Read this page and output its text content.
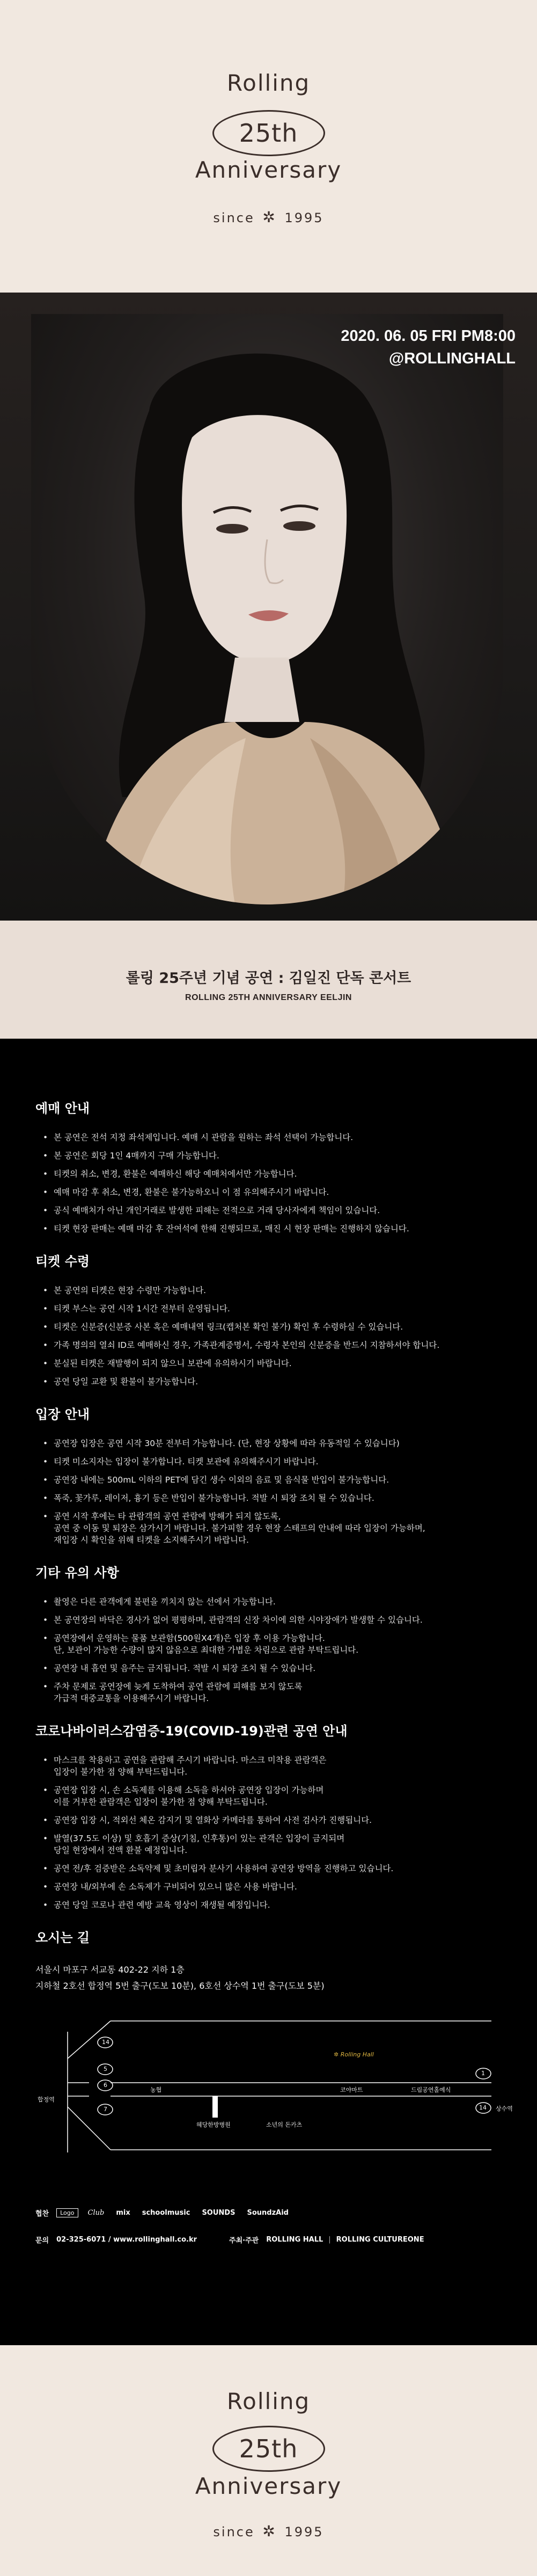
Rolling
25th
Anniversary
since ✲ 1995
2020. 06. 05 FRI PM8:00
@ROLLINGHALL
롤링 25주년 기념 공연 : 김일진 단독 콘서트
ROLLING 25TH ANNIVERSARY EELJIN
예매 안내
• 본 공연은 전석 지정 좌석제입니다. 예매 시 관람을 원하는 좌석 선택이 가능합니다.
• 본 공연은 회당 1인 4매까지 구매 가능합니다.
• 티켓의 취소, 변경, 환불은 예매하신 해당 예매처에서만 가능합니다.
• 예매 마감 후 취소, 변경, 환불은 불가능하오니 이 점 유의해주시기 바랍니다.
• 공식 예매처가 아닌 개인거래로 발생한 피해는 전적으로 거래 당사자에게 책임이 있습니다.
• 티켓 현장 판매는 예매 마감 후 잔여석에 한해 진행되므로, 매진 시 현장 판매는 진행하지 않습니다.
티켓 수령
• 본 공연의 티켓은 현장 수령만 가능합니다.
• 티켓 부스는 공연 시작 1시간 전부터 운영됩니다.
• 티켓은 신분증(신분증 사본 혹은 예매내역 링크(캡처본 확인 불가) 확인 후 수령하실 수 있습니다.
• 가족 명의의 열쇠 ID로 예매하신 경우, 가족관계증명서, 수령자 본인의 신분증을 반드시 지참하셔야 합니다.
• 분실된 티켓은 재발행이 되지 않으니 보관에 유의하시기 바랍니다.
• 공연 당일 교환 및 환불이 불가능합니다.
입장 안내
• 공연장 입장은 공연 시작 30분 전부터 가능합니다. (단, 현장 상황에 따라 유동적일 수 있습니다)
• 티켓 미소지자는 입장이 불가합니다. 티켓 보관에 유의해주시기 바랍니다.
• 공연장 내에는 500mL 이하의 PET에 담긴 생수 이외의 음료 및 음식물 반입이 불가능합니다.
• 폭죽, 꽃가루, 레이저, 흉기 등은 반입이 불가능합니다. 적발 시 퇴장 조치 될 수 있습니다.
• 공연 시작 후에는 타 관람객의 공연 관람에 방해가 되지 않도록,
공연 중 이동 및 퇴장은 삼가시기 바랍니다. 불가피할 경우 현장 스태프의 안내에 따라 입장이 가능하며,
재입장 시 확인을 위해 티켓을 소지해주시기 바랍니다.
기타 유의 사항
• 촬영은 다른 관객에게 불편을 끼치지 않는 선에서 가능합니다.
• 본 공연장의 바닥은 경사가 없어 평평하며, 관람객의 신장 차이에 의한 시야장애가 발생할 수 있습니다.
• 공연장에서 운영하는 물품 보관함(500원X4개)은 입장 후 이용 가능합니다.
단, 보관이 가능한 수량이 많지 않음으로 최대한 가볍운 차림으로 관람 부탁드립니다.
• 공연장 내 흡연 및 음주는 금지됩니다. 적발 시 퇴장 조치 될 수 있습니다.
• 주차 문제로 공연장에 늦게 도착하여 공연 관람에 피해를 보지 않도록
가급적 대중교통을 이용해주시기 바랍니다.
코로나바이러스감염증-19(COVID-19)관련 공연 안내
• 마스크를 착용하고 공연을 관람해 주시기 바랍니다. 마스크 미착용 관람객은
입장이 불가한 점 양해 부탁드립니다.
• 공연장 입장 시, 손 소독제를 이용해 소독을 하셔야 공연장 입장이 가능하며
이를 거부한 관람객은 입장이 불가한 점 양해 부탁드립니다.
• 공연장 입장 시, 적외선 체온 감지기 및 열화상 카메라를 통하여 사전 검사가 진행됩니다.
• 발열(37.5도 이상) 및 호흡기 증상(기침, 인후통)이 있는 관객은 입장이 금지되며
당일 현장에서 전액 환불 예정입니다.
• 공연 전/후 검증받은 소독약제 및 초미립자 분사기 사용하여 공연장 방역을 진행하고 있습니다.
• 공연장 내/외부에 손 소독제가 구비되어 있으니 많은 사용 바랍니다.
• 공연 당일 코로나 관련 예방 교육 영상이 재생될 예정입니다.
오시는 길

서울시 마포구 서교동 402-22 지하 1층

지하철 2호선 합정역 5번 출구(도보 10분), 6호선 상수역 1번 출구(도보 5분)

합정역
14
5
6
7
농협
혜당한방병원	소년의 돈카츠
코야마트	드림공연홀예식
✲ Rolling Hall
1
14 상수역
협찬	Logo	Club mix schoolmusic SOUNDS SoundzAid
문의 02-325-6071 / www.rollinghall.co.kr	주최·주관 ROLLING HALL | ROLLING CULTUREONE
Rolling
25th
Anniversary
since ✲ 1995
